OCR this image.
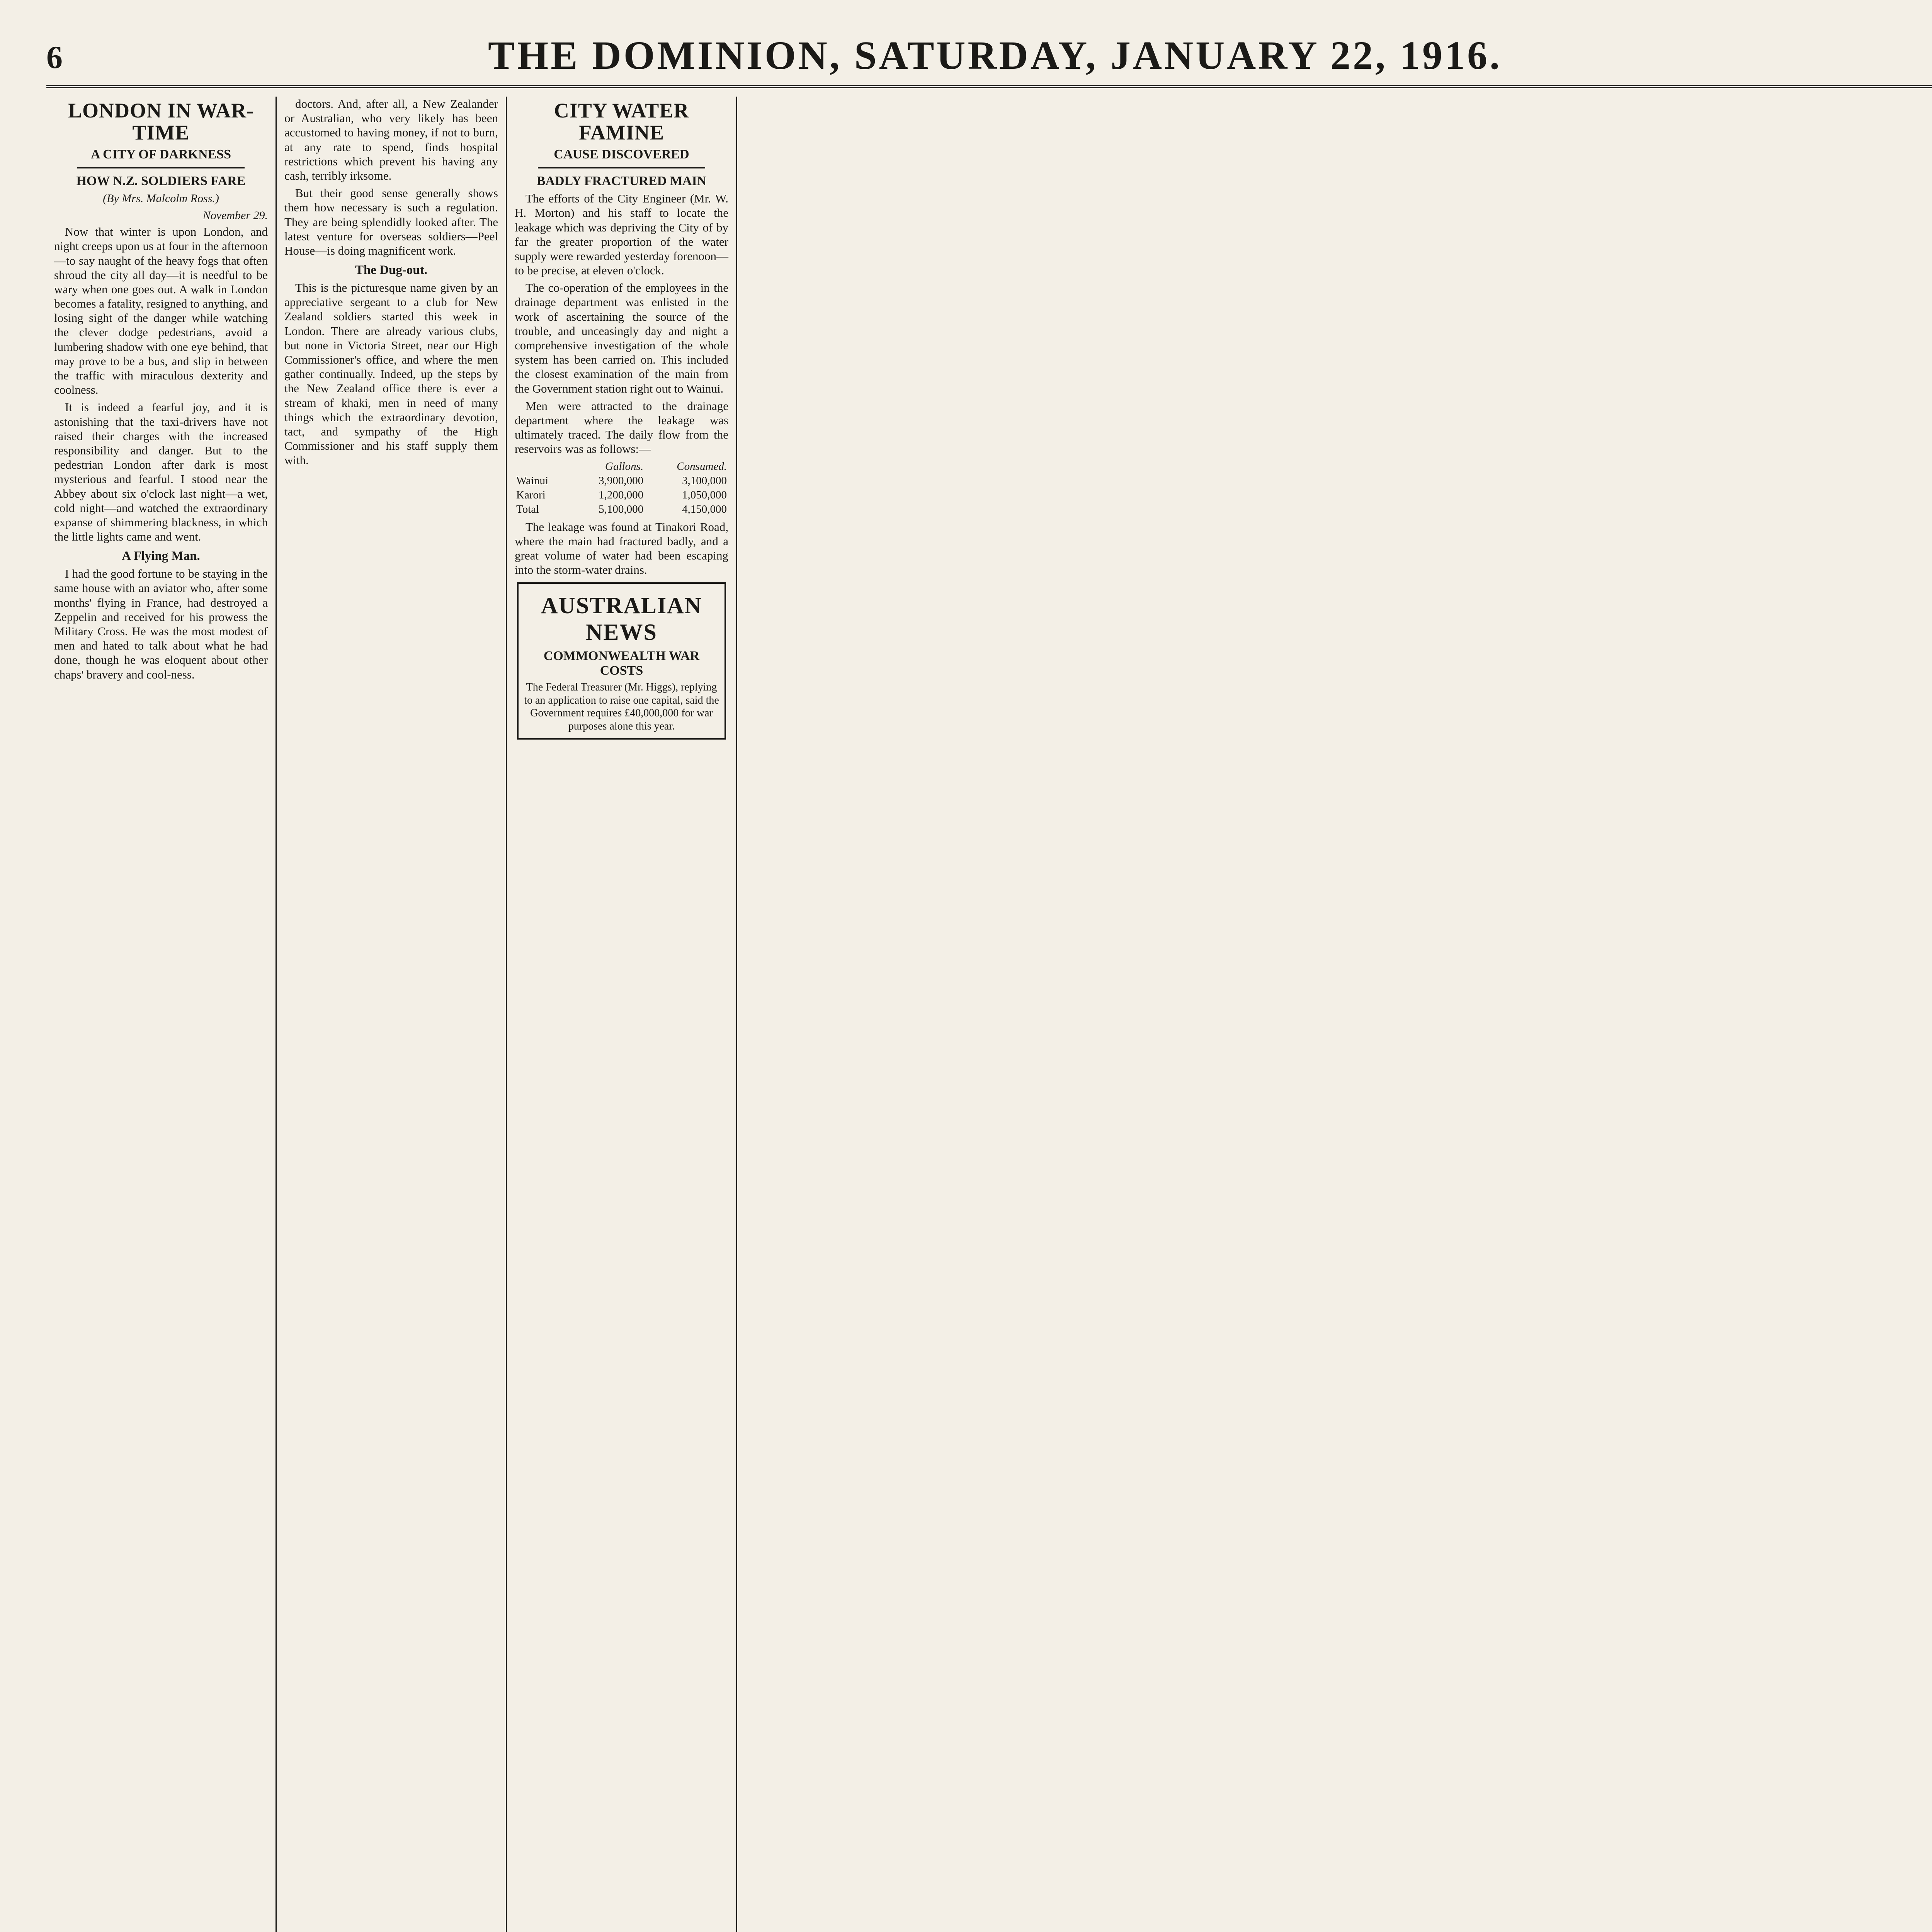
6	THE DOMINION, SATURDAY, JANUARY 22, 1916.
LONDON IN WAR-TIME
A CITY OF DARKNESS
HOW N.Z. SOLDIERS FARE
(By Mrs. Malcolm Ross.)
November 29.

Now that winter is upon London, and night creeps upon us at four in the afternoon—to say naught of the heavy fogs that often shroud the city all day—it is needful to be wary when one goes out. A walk in London becomes a fatality, resigned to anything, and losing sight of the danger while watching the clever dodge pedestrians, avoid a lumbering shadow with one eye behind, that may prove to be a bus, and slip in between the traffic with miraculous dexterity and coolness.

It is indeed a fearful joy, and it is astonishing that the taxi-drivers have not raised their charges with the increased responsibility and danger. But to the pedestrian London after dark is most mysterious and fearful. I stood near the Abbey about six o'clock last night—a wet, cold night—and watched the extraordinary expanse of shimmering blackness, in which the little lights came and went.

A Flying Man.

I had the good fortune to be staying in the same house with an aviator who, after some months' flying in France, had destroyed a Zeppelin and received for his prowess the Military Cross. He was the most modest of men and hated to talk about what he had done, though he was eloquent about other chaps' bravery and cool-ness.

doctors. And, after all, a New Zealander or Australian, who very likely has been accustomed to having money, if not to burn, at any rate to spend, finds hospital restrictions which prevent his having any cash, terribly irksome.

But their good sense generally shows them how necessary is such a regulation. They are being splendidly looked after. The latest venture for overseas soldiers—Peel House—is doing magnificent work.

The Dug-out.

This is the picturesque name given by an appreciative sergeant to a club for New Zealand soldiers started this week in London. There are already various clubs, but none in Victoria Street, near our High Commissioner's office, and where the men gather continually. Indeed, up the steps by the New Zealand office there is ever a stream of khaki, men in need of many things which the extraordinary devotion, tact, and sympathy of the High Commissioner and his staff supply them with.

CITY WATER FAMINE
CAUSE DISCOVERED
BADLY FRACTURED MAIN

The efforts of the City Engineer (Mr. W. H. Morton) and his staff to locate the leakage which was depriving the City of by far the greater proportion of the water supply were rewarded yesterday forenoon—to be precise, at eleven o'clock.

The co-operation of the employees in the drainage department was enlisted in the work of ascertaining the source of the trouble, and unceasingly day and night a comprehensive investigation of the whole system has been carried on. This included the closest examination of the main from the Government station right out to Wainui.

Men were attracted to the drainage department where the leakage was ultimately traced. The daily flow from the reservoirs was as follows:—

	Gallons.	Consumed.
Wainui	3,900,000	3,100,000
Karori	1,200,000	1,050,000
Total	5,100,000	4,150,000

The leakage was found at Tinakori Road, where the main had fractured badly, and a great volume of water had been escaping into the storm-water drains.

AUSTRALIAN NEWS
COMMONWEALTH WAR COSTS
The Federal Treasurer (Mr. Higgs), replying to an application to raise one capital, said the Government requires £40,000,000 for war purposes alone this year.
